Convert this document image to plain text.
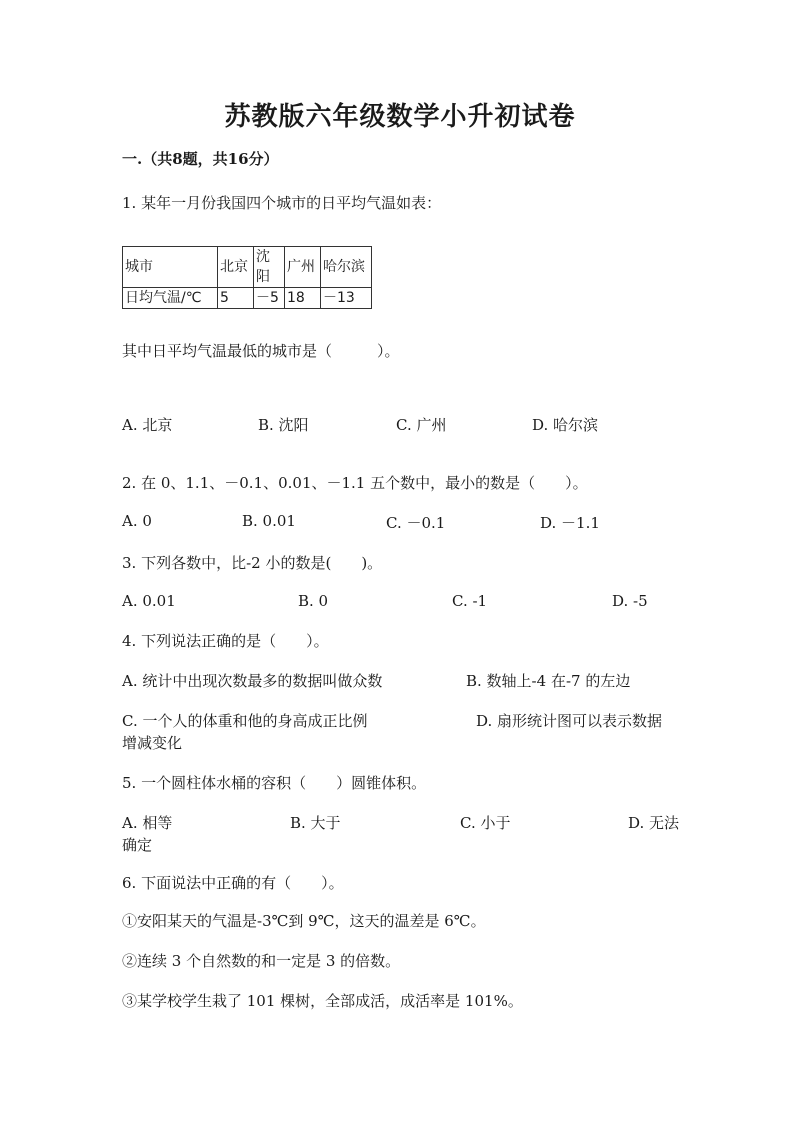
苏教版六年级数学小升初试卷
一.（共8题，共16分）
1. 某年一月份我国四个城市的日平均气温如表：
城市	北京	沈阳	广州	哈尔滨
日均气温/℃	5	－5	18	－13
其中日平均气温最低的城市是（　　　）。
A. 北京	B. 沈阳	C. 广州	D. 哈尔滨
2. 在 0、1.1、－0.1、0.01、－1.1 五个数中，最小的数是（　　）。
A. 0	B. 0.01	C. －0.1	D. －1.1
3. 下列各数中，比-2 小的数是(　　)。
A. 0.01	B. 0	C. -1	D. -5
4. 下列说法正确的是（　　）。
A. 统计中出现次数最多的数据叫做众数	B. 数轴上-4 在-7 的左边
C. 一个人的体重和他的身高成正比例	D. 扇形统计图可以表示数据
增减变化
5. 一个圆柱体水桶的容积（　　）圆锥体积。
A. 相等	B. 大于	C. 小于	D. 无法
确定
6. 下面说法中正确的有（　　）。
①安阳某天的气温是-3℃到 9℃，这天的温差是 6℃。
②连续 3 个自然数的和一定是 3 的倍数。
③某学校学生栽了 101 棵树，全部成活，成活率是 101%。
